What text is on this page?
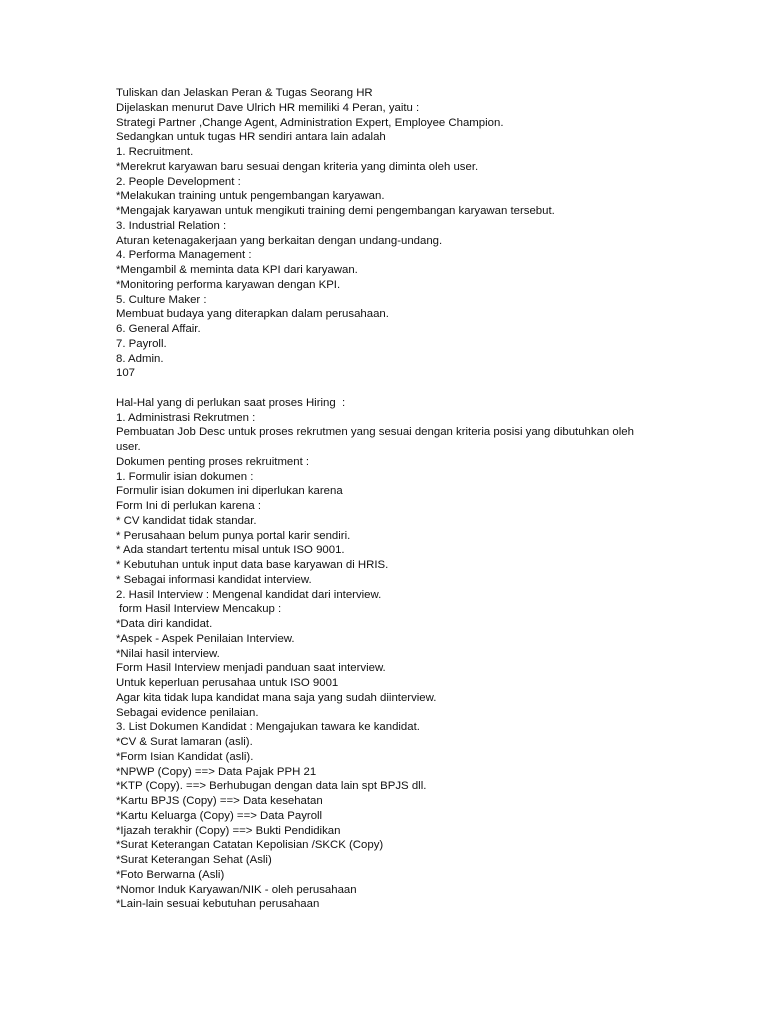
Tuliskan dan Jelaskan Peran & Tugas Seorang HR
Dijelaskan menurut Dave Ulrich HR memiliki 4 Peran, yaitu :
Strategi Partner ,Change Agent, Administration Expert, Employee Champion.
Sedangkan untuk tugas HR sendiri antara lain adalah
1. Recruitment.
*Merekrut karyawan baru sesuai dengan kriteria yang diminta oleh user.
2. People Development :
*Melakukan training untuk pengembangan karyawan.
*Mengajak karyawan untuk mengikuti training demi pengembangan karyawan tersebut.
3. Industrial Relation :
Aturan ketenagakerjaan yang berkaitan dengan undang-undang.
4. Performa Management :
*Mengambil & meminta data KPI dari karyawan.
*Monitoring performa karyawan dengan KPI.
5. Culture Maker :
Membuat budaya yang diterapkan dalam perusahaan.
6. General Affair.
7. Payroll.
8. Admin.
107
Hal-Hal yang di perlukan saat proses Hiring  :
1. Administrasi Rekrutmen :
Pembuatan Job Desc untuk proses rekrutmen yang sesuai dengan kriteria posisi yang dibutuhkan oleh
user.
Dokumen penting proses rekruitment :
1. Formulir isian dokumen :
Formulir isian dokumen ini diperlukan karena
Form Ini di perlukan karena :
* CV kandidat tidak standar.
* Perusahaan belum punya portal karir sendiri.
* Ada standart tertentu misal untuk ISO 9001.
* Kebutuhan untuk input data base karyawan di HRIS.
* Sebagai informasi kandidat interview.
2. Hasil Interview : Mengenal kandidat dari interview.
form Hasil Interview Mencakup :
*Data diri kandidat.
*Aspek - Aspek Penilaian Interview.
*Nilai hasil interview.
Form Hasil Interview menjadi panduan saat interview.
Untuk keperluan perusahaa untuk ISO 9001
Agar kita tidak lupa kandidat mana saja yang sudah diinterview.
Sebagai evidence penilaian.
3. List Dokumen Kandidat : Mengajukan tawara ke kandidat.
*CV & Surat lamaran (asli).
*Form Isian Kandidat (asli).
*NPWP (Copy) ==> Data Pajak PPH 21
*KTP (Copy). ==> Berhubugan dengan data lain spt BPJS dll.
*Kartu BPJS (Copy) ==> Data kesehatan
*Kartu Keluarga (Copy) ==> Data Payroll
*Ijazah terakhir (Copy) ==> Bukti Pendidikan
*Surat Keterangan Catatan Kepolisian /SKCK (Copy)
*Surat Keterangan Sehat (Asli)
*Foto Berwarna (Asli)
*Nomor Induk Karyawan/NIK - oleh perusahaan
*Lain-lain sesuai kebutuhan perusahaan
